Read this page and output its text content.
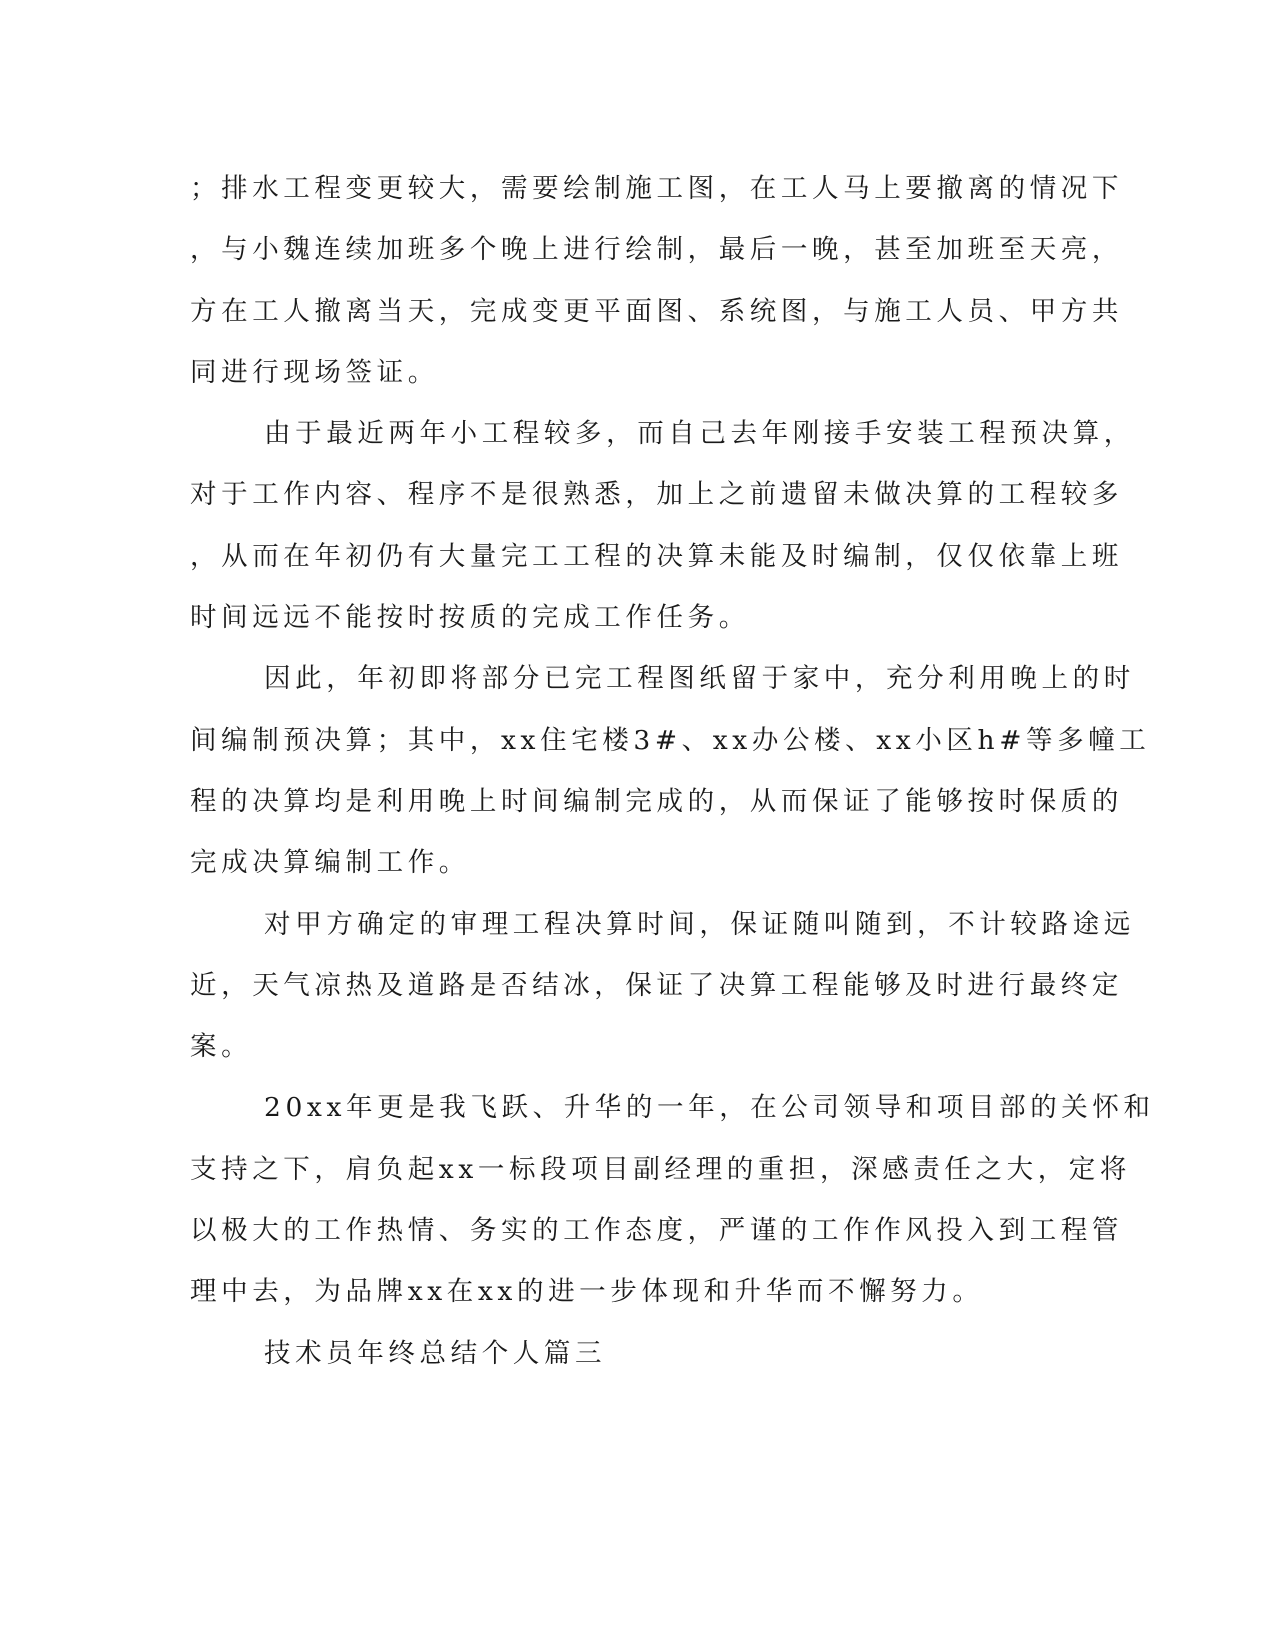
；排水工程变更较大，需要绘制施工图，在工人马上要撤离的情况下
，与小魏连续加班多个晚上进行绘制，最后一晚，甚至加班至天亮，
方在工人撤离当天，完成变更平面图、系统图，与施工人员、甲方共
同进行现场签证。
由于最近两年小工程较多，而自己去年刚接手安装工程预决算，
对于工作内容、程序不是很熟悉，加上之前遗留未做决算的工程较多
，从而在年初仍有大量完工工程的决算未能及时编制，仅仅依靠上班
时间远远不能按时按质的完成工作任务。
因此，年初即将部分已完工程图纸留于家中，充分利用晚上的时
间编制预决算；其中，xx住宅楼3#、xx办公楼、xx小区h#等多幢工
程的决算均是利用晚上时间编制完成的，从而保证了能够按时保质的
完成决算编制工作。
对甲方确定的审理工程决算时间，保证随叫随到，不计较路途远
近，天气凉热及道路是否结冰，保证了决算工程能够及时进行最终定
案。
20xx年更是我飞跃、升华的一年，在公司领导和项目部的关怀和
支持之下，肩负起xx一标段项目副经理的重担，深感责任之大，定将
以极大的工作热情、务实的工作态度，严谨的工作作风投入到工程管
理中去，为品牌xx在xx的进一步体现和升华而不懈努力。
技术员年终总结个人篇三
